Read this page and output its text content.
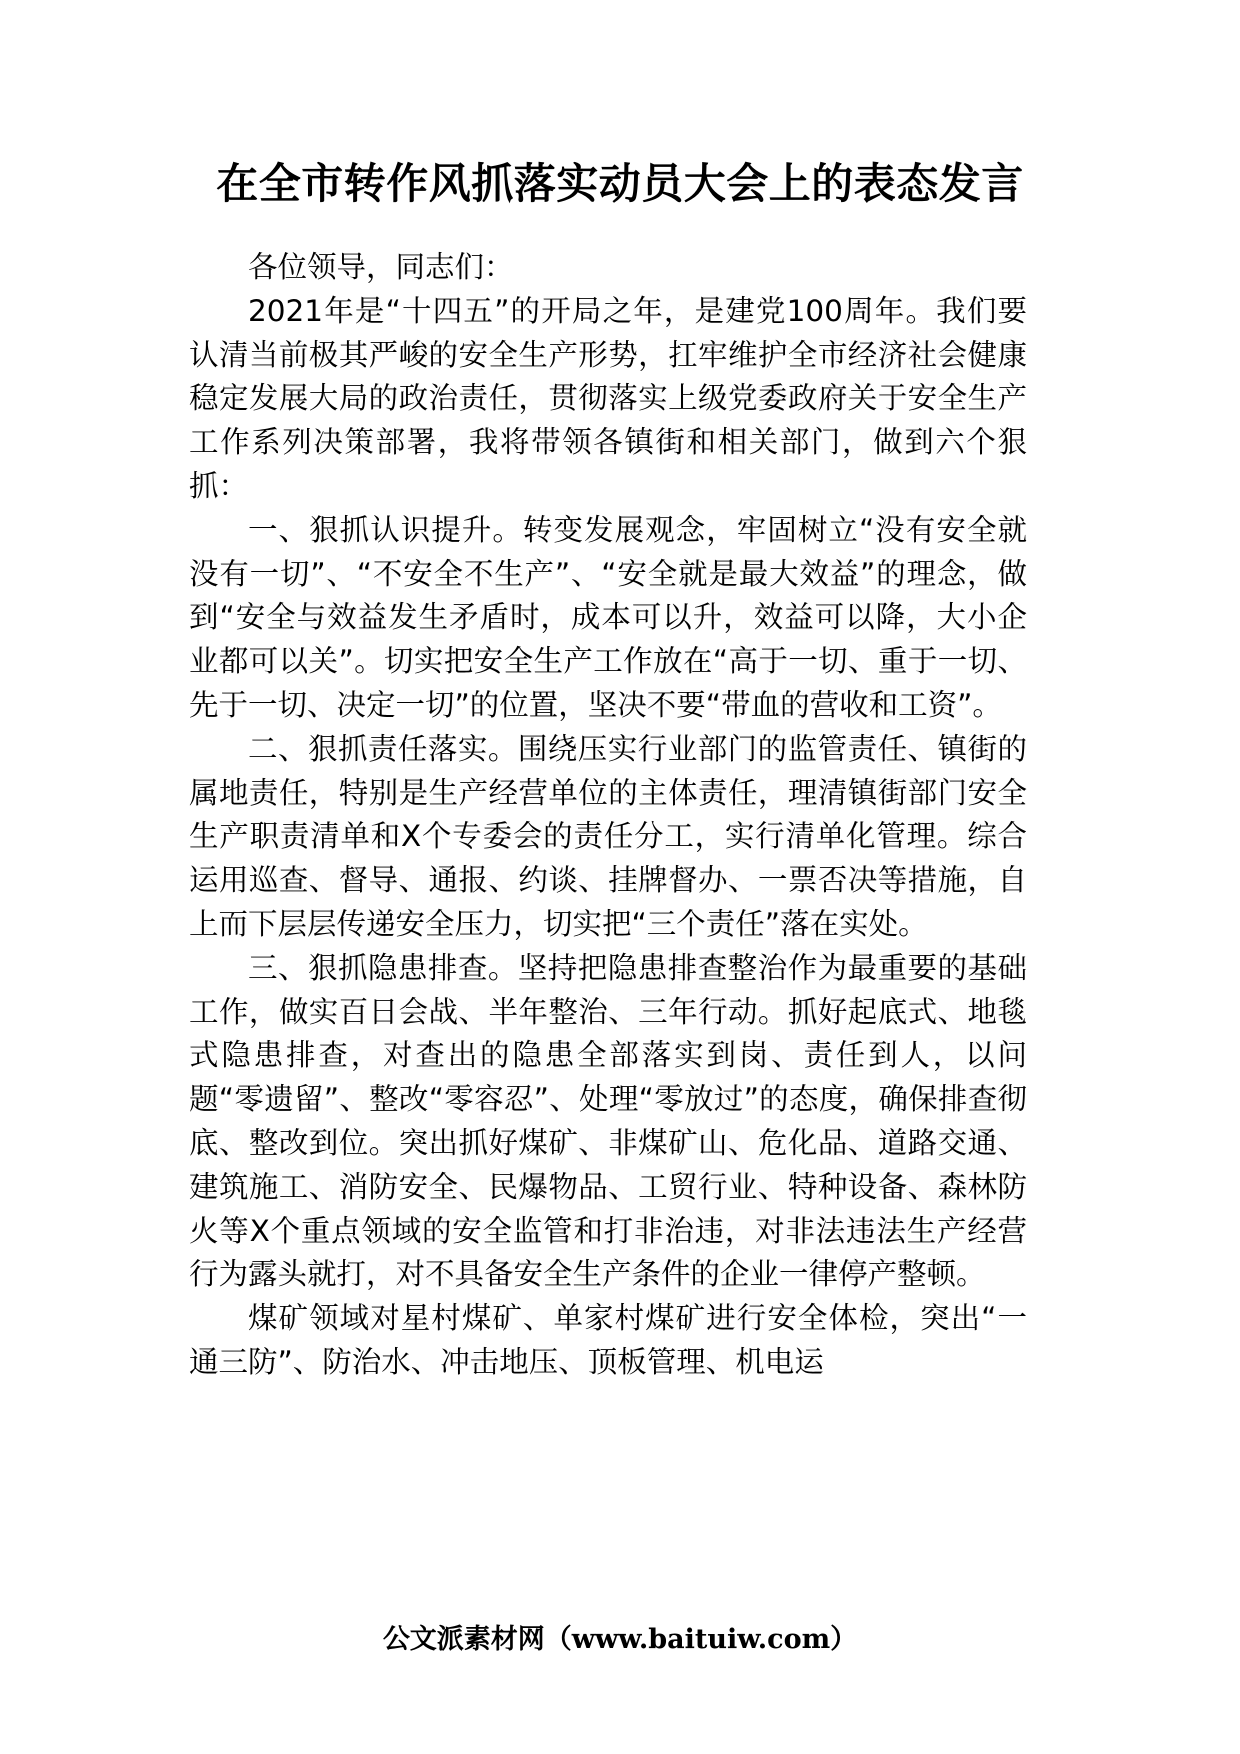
在全市转作风抓落实动员大会上的表态发言

各位领导，同志们：

2021年是“十四五”的开局之年，是建党100周年。我们要认清当前极其严峻的安全生产形势，扛牢维护全市经济社会健康稳定发展大局的政治责任，贯彻落实上级党委政府关于安全生产工作系列决策部署，我将带领各镇街和相关部门，做到六个狠抓：

一、狠抓认识提升。转变发展观念，牢固树立“没有安全就没有一切”、“不安全不生产”、“安全就是最大效益”的理念，做到“安全与效益发生矛盾时，成本可以升，效益可以降，大小企业都可以关”。切实把安全生产工作放在“高于一切、重于一切、先于一切、决定一切”的位置，坚决不要“带血的营收和工资”。

二、狠抓责任落实。围绕压实行业部门的监管责任、镇街的属地责任，特别是生产经营单位的主体责任，理清镇街部门安全生产职责清单和X个专委会的责任分工，实行清单化管理。综合运用巡查、督导、通报、约谈、挂牌督办、一票否决等措施，自上而下层层传递安全压力，切实把“三个责任”落在实处。

三、狠抓隐患排查。坚持把隐患排查整治作为最重要的基础工作，做实百日会战、半年整治、三年行动。抓好起底式、地毯式隐患排查，对查出的隐患全部落实到岗、责任到人，以问题“零遗留”、整改“零容忍”、处理“零放过”的态度，确保排查彻底、整改到位。突出抓好煤矿、非煤矿山、危化品、道路交通、建筑施工、消防安全、民爆物品、工贸行业、特种设备、森林防火等X个重点领域的安全监管和打非治违，对非法违法生产经营行为露头就打，对不具备安全生产条件的企业一律停产整顿。

煤矿领域对星村煤矿、单家村煤矿进行安全体检，突出“一通三防”、防治水、冲击地压、顶板管理、机电运

公文派素材网（www.baituiw.com）
